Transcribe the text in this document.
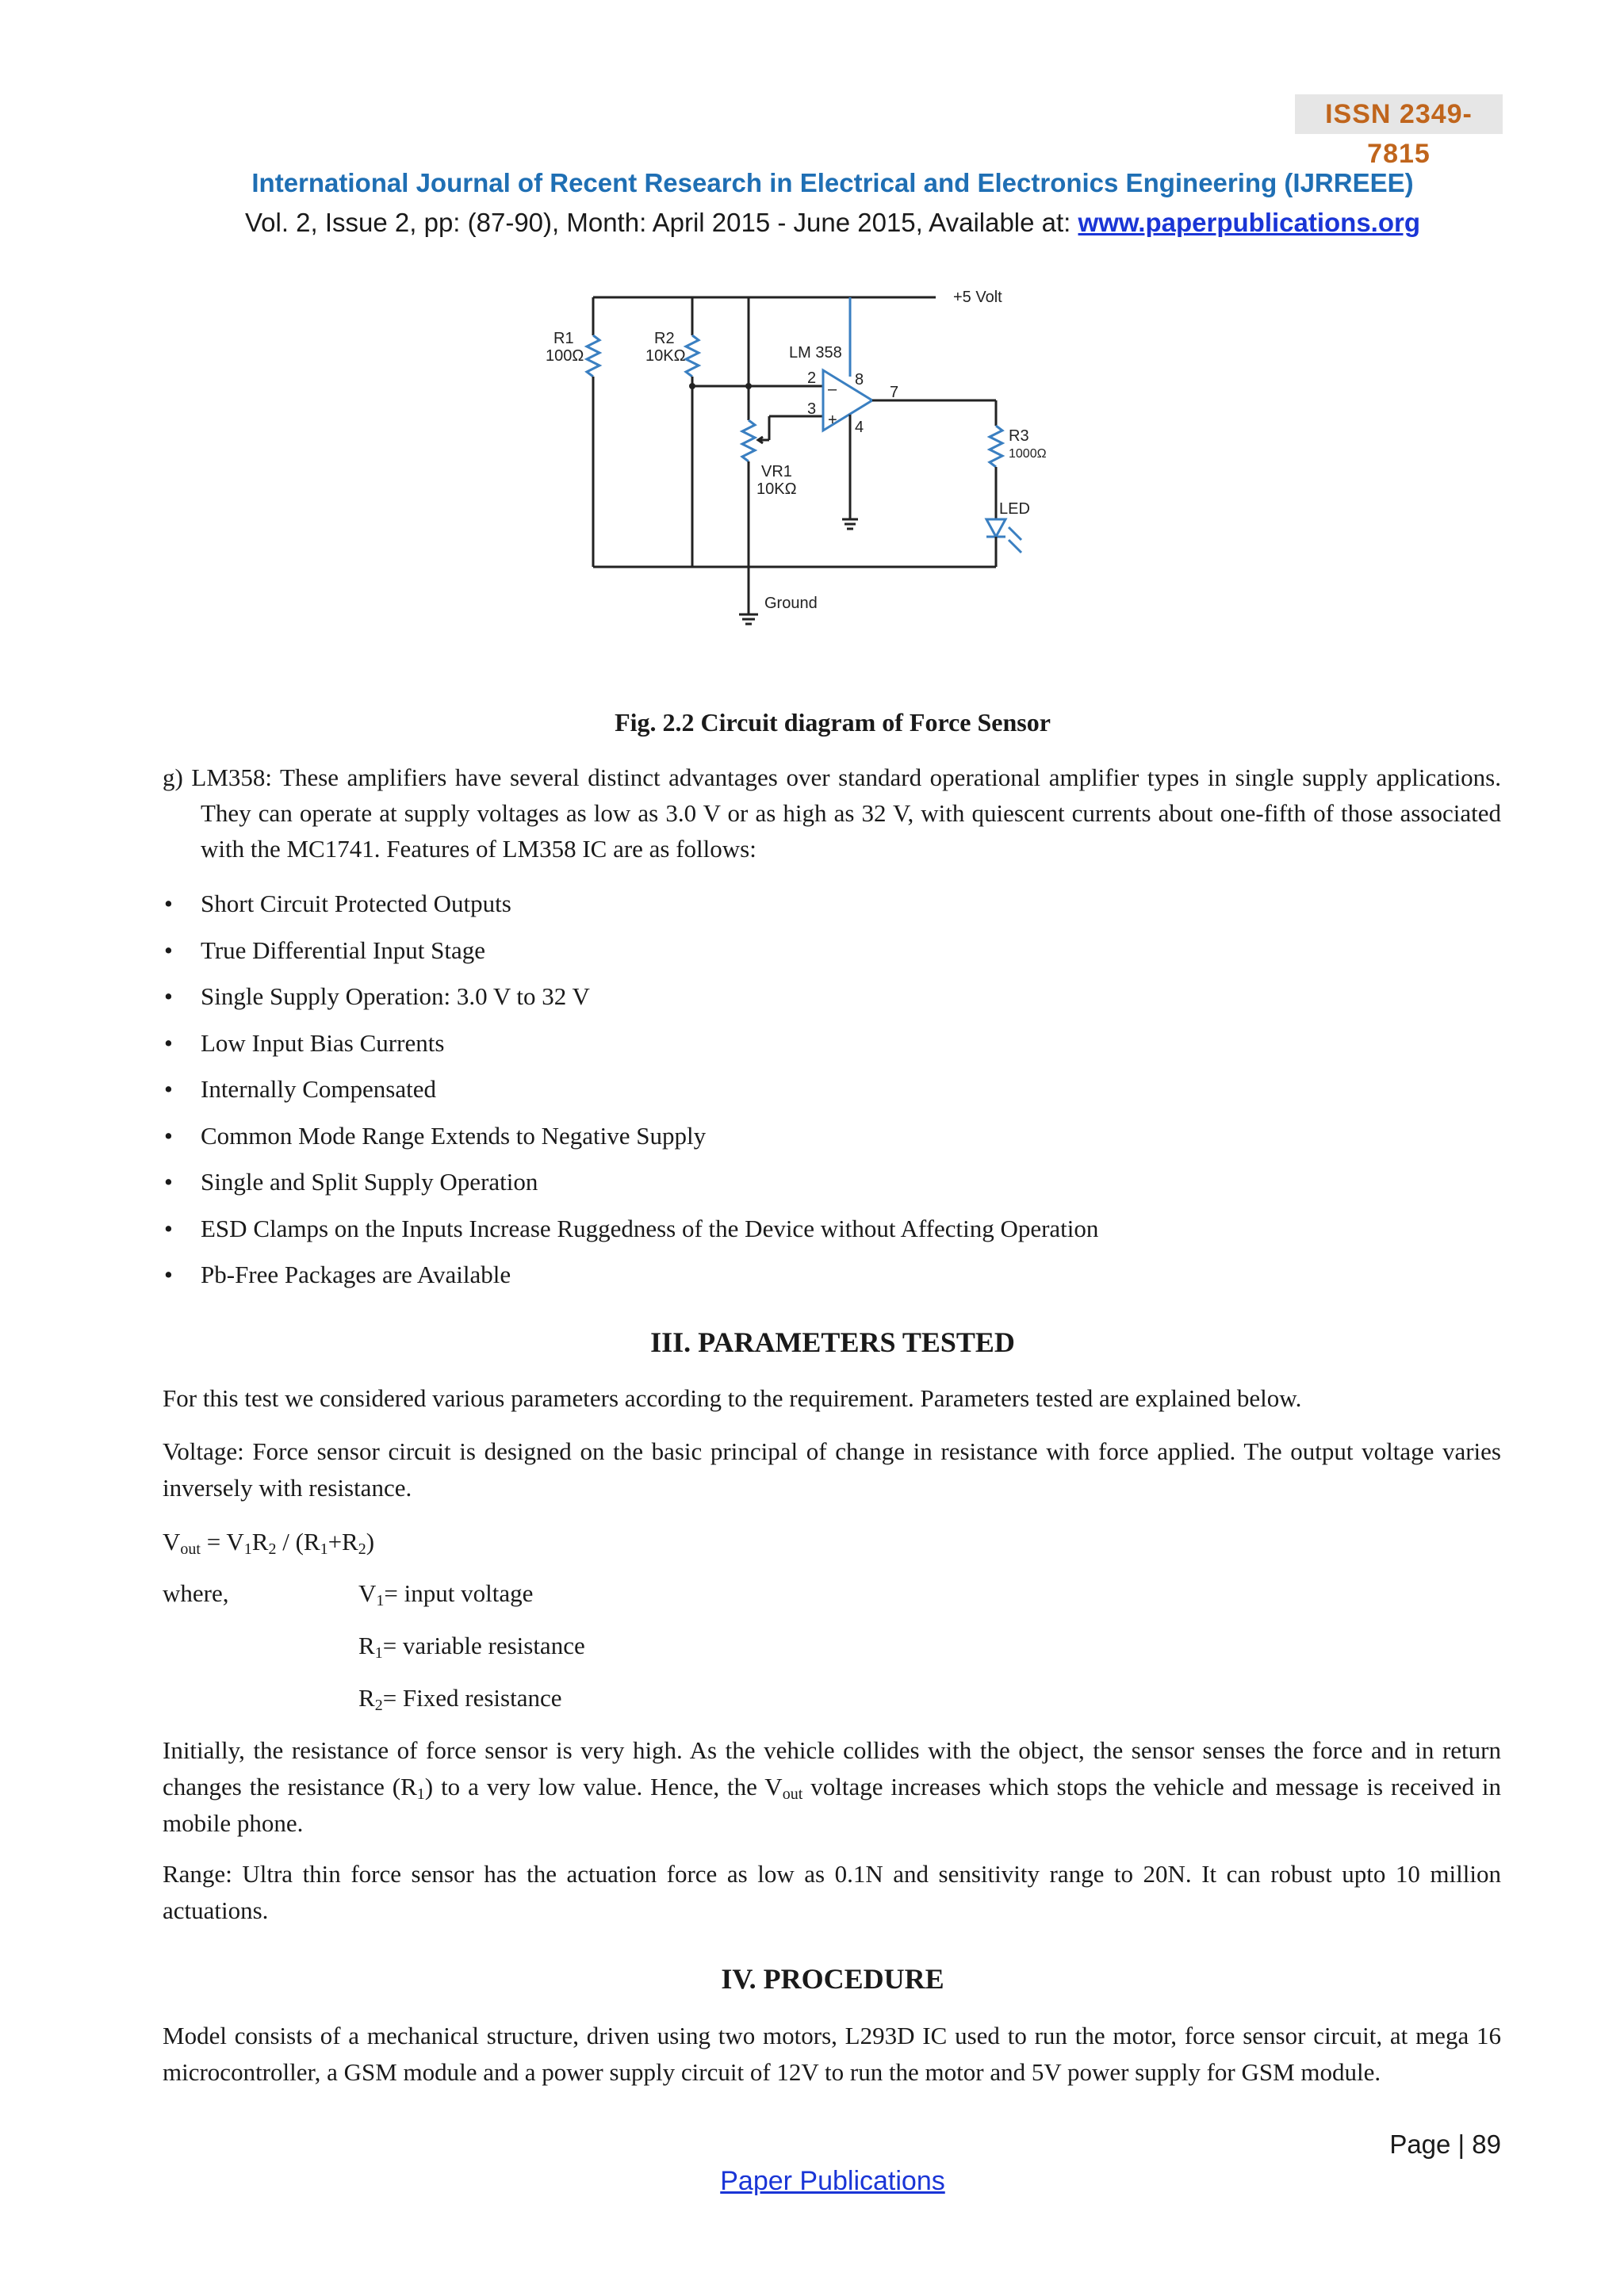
ISSN 2349-7815
International Journal of Recent Research in Electrical and Electronics Engineering (IJRREEE)
Vol. 2, Issue 2, pp: (87-90), Month: April 2015 - June 2015, Available at: www.paperpublications.org
+5 Volt
R1
100Ω
R2
10KΩ	LM 358
2
3
8
4
7
–
+
R3
1000Ω
VR1
10KΩ
LED
Ground
Fig. 2.2 Circuit diagram of Force Sensor
g) LM358: These amplifiers have several distinct advantages over standard operational amplifier types in single supply applications. They can operate at supply voltages as low as 3.0 V or as high as 32 V, with quiescent currents about one-fifth of those associated with the MC1741. Features of LM358 IC are as follows:
• Short Circuit Protected Outputs
• True Differential Input Stage
• Single Supply Operation: 3.0 V to 32 V
• Low Input Bias Currents
• Internally Compensated
• Common Mode Range Extends to Negative Supply
• Single and Split Supply Operation
• ESD Clamps on the Inputs Increase Ruggedness of the Device without Affecting Operation
• Pb-Free Packages are Available
III. PARAMETERS TESTED
For this test we considered various parameters according to the requirement. Parameters tested are explained below.
Voltage: Force sensor circuit is designed on the basic principal of change in resistance with force applied. The output voltage varies inversely with resistance.
$V_{out} = V_1R_2 / (R_1+R_2)$
where,	$V_1=$ input voltage
$R_1=$ variable resistance
$R_2=$ Fixed resistance
Initially, the resistance of force sensor is very high. As the vehicle collides with the object, the sensor senses the force and in return changes the resistance $(R_1)$ to a very low value. Hence, the $V_{out}$ voltage increases which stops the vehicle and message is received in mobile phone.
Range: Ultra thin force sensor has the actuation force as low as 0.1N and sensitivity range to 20N. It can robust upto 10 million actuations.
IV. PROCEDURE
Model consists of a mechanical structure, driven using two motors, L293D IC used to run the motor, force sensor circuit, at mega 16 microcontroller, a GSM module and a power supply circuit of 12V to run the motor and 5V power supply for GSM module.
Page | 89
Paper Publications
